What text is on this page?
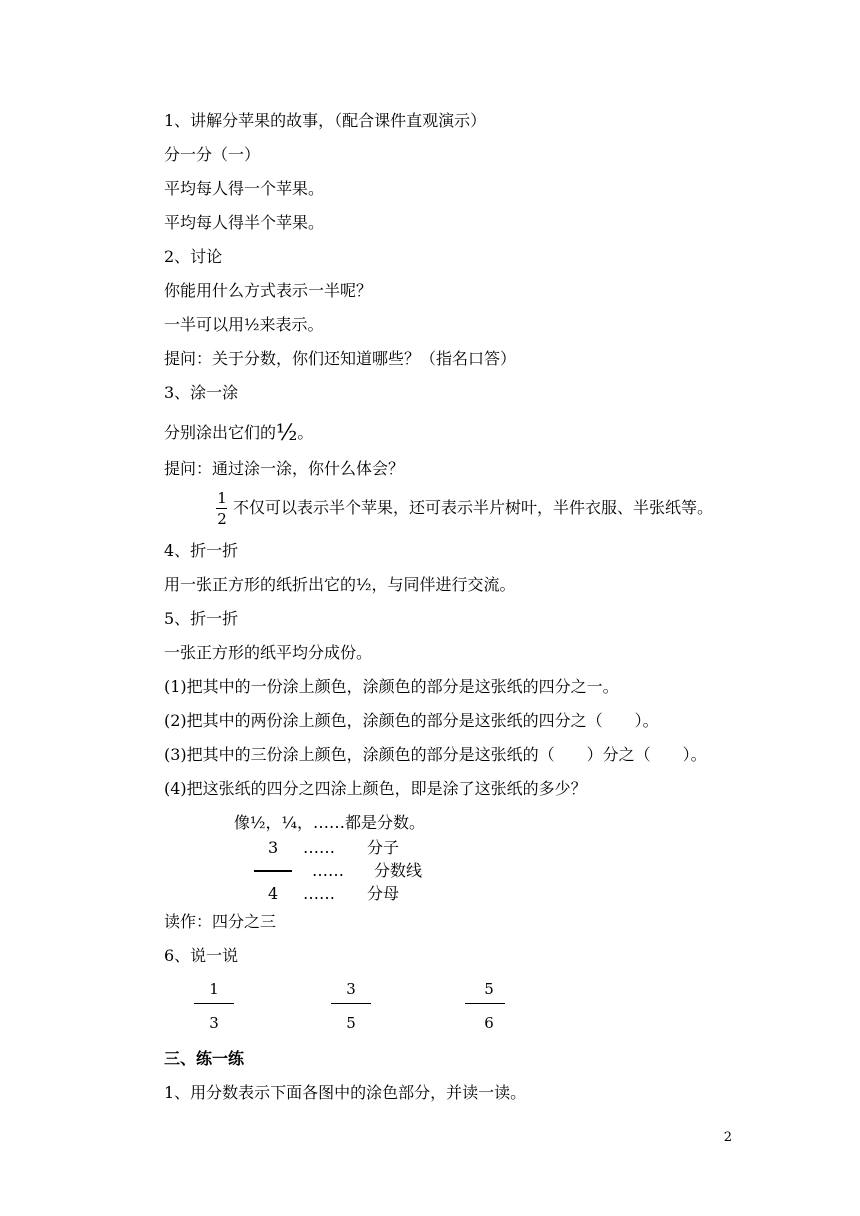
1、讲解分苹果的故事，（配合课件直观演示）
分一分（一）
平均每人得一个苹果。
平均每人得半个苹果。
2、讨论
你能用什么方式表示一半呢？
一半可以用½来表示。
提问：关于分数，你们还知道哪些？（指名口答）
3、涂一涂
分别涂出它们的½。
提问：通过涂一涂，你什么体会？
1
2
不仅可以表示半个苹果，还可表示半片树叶，半件衣服、半张纸等。
4、折一折
用一张正方形的纸折出它的½，与同伴进行交流。
5、折一折
一张正方形的纸平均分成份。
(1)把其中的一份涂上颜色，涂颜色的部分是这张纸的四分之一。
(2)把其中的两份涂上颜色，涂颜色的部分是这张纸的四分之（　　）。
(3)把其中的三份涂上颜色，涂颜色的部分是这张纸的（　　）分之（　　）。
(4)把这张纸的四分之四涂上颜色，即是涂了这张纸的多少？
像½，¼，……都是分数。
3 …… 分子
…… 分数线
4 …… 分母
读作：四分之三
6、说一说
1
3
3
5
5
6
三、练一练
1、用分数表示下面各图中的涂色部分，并读一读。
2
